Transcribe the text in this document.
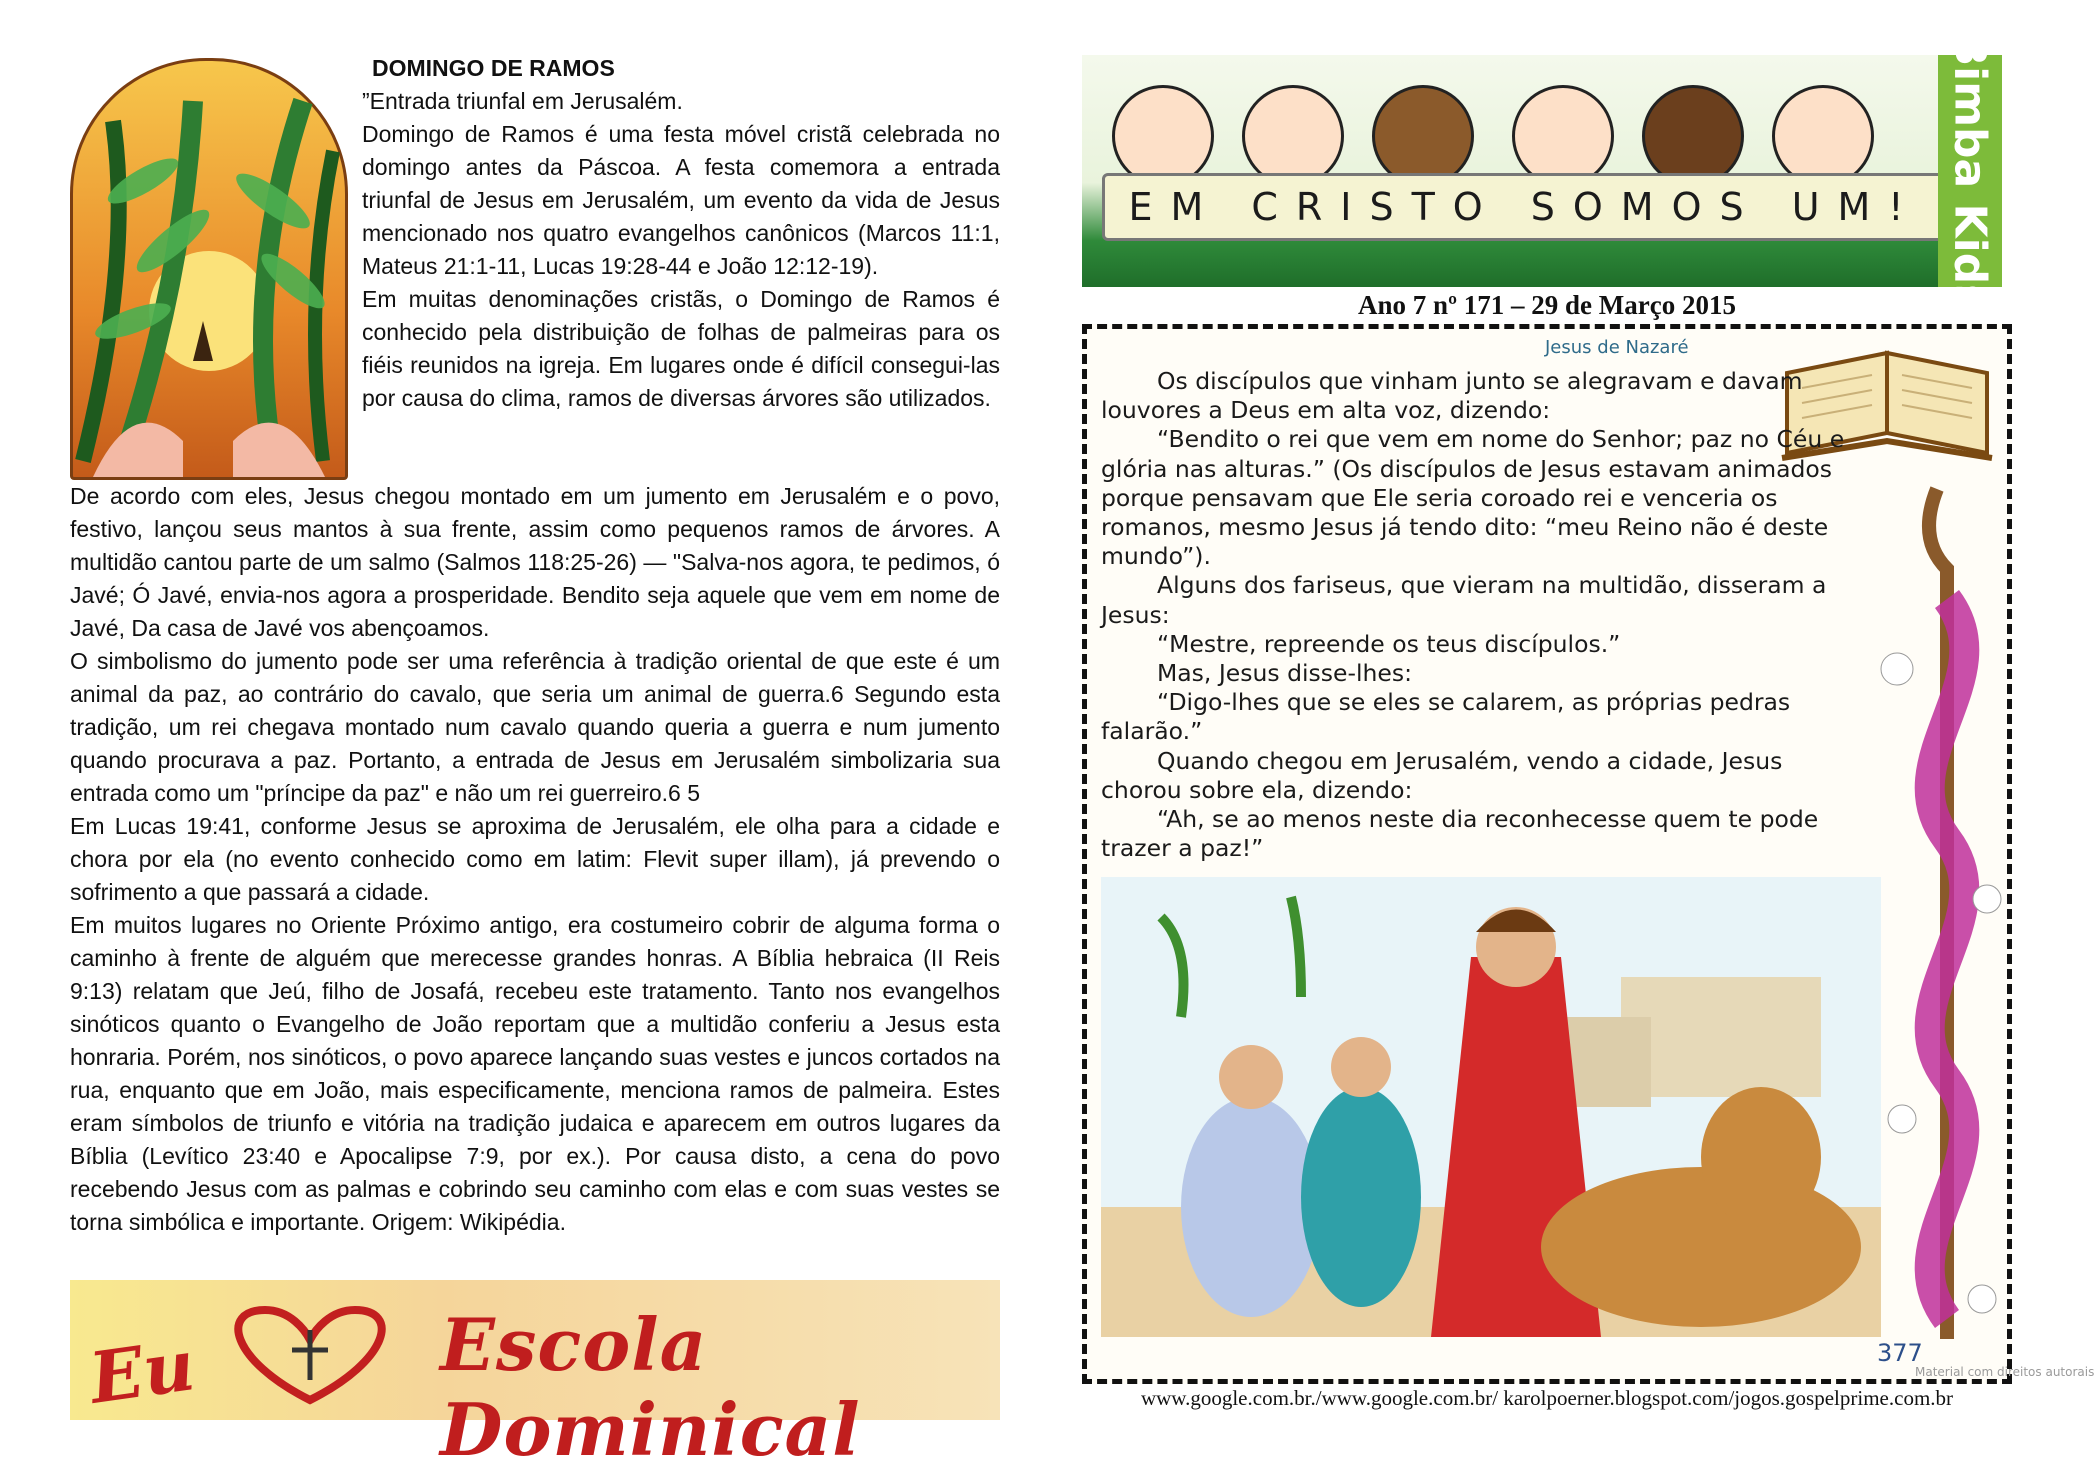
DOMINGO DE RAMOS

”Entrada triunfal em Jerusalém.

Domingo de Ramos é uma festa móvel cristã celebrada no domingo antes da Páscoa. A festa comemora a entrada triunfal de Jesus em Jerusalém, um evento da vida de Jesus mencionado nos quatro evangelhos canônicos (Marcos 11:1, Mateus 21:1-11, Lucas 19:28-44 e João 12:12-19).

Em muitas denominações cristãs, o Domingo de Ramos é conhecido pela distribuição de folhas de palmeiras para os fiéis reunidos na igreja. Em lugares onde é difícil consegui-las por causa do clima, ramos de diversas árvores são utilizados.

De acordo com eles, Jesus chegou montado em um jumento em Jerusalém e o povo, festivo, lançou seus mantos à sua frente, assim como pequenos ramos de árvores. A multidão cantou parte de um salmo (Salmos 118:25-26) — "Salva-nos agora, te pedimos, ó Javé; Ó Javé, envia-nos agora a prosperidade. Bendito seja aquele que vem em nome de Javé, Da casa de Javé vos abençoamos.

O simbolismo do jumento pode ser uma referência à tradição oriental de que este é um animal da paz, ao contrário do cavalo, que seria um animal de guerra.6 Segundo esta tradição, um rei chegava montado num cavalo quando queria a guerra e num jumento quando procurava a paz. Portanto, a entrada de Jesus em Jerusalém simbolizaria sua entrada como um "príncipe da paz" e não um rei guerreiro.6 5

Em Lucas 19:41, conforme Jesus se aproxima de Jerusalém, ele olha para a cidade e chora por ela (no evento conhecido como em latim: Flevit super illam), já prevendo o sofrimento a que passará a cidade.

Em muitos lugares no Oriente Próximo antigo, era costumeiro cobrir de alguma forma o caminho à frente de alguém que merecesse grandes honras. A Bíblia hebraica (II Reis 9:13) relatam que Jeú, filho de Josafá, recebeu este tratamento. Tanto nos evangelhos sinóticos quanto o Evangelho de João reportam que a multidão conferiu a Jesus esta honraria. Porém, nos sinóticos, o povo aparece lançando suas vestes e juncos cortados na rua, enquanto que em João, mais especificamente, menciona ramos de palmeira. Estes eram símbolos de triunfo e vitória na tradição judaica e aparecem em outros lugares da Bíblia (Levítico 23:40 e Apocalipse 7:9, por ex.). Por causa disto, a cena do povo recebendo Jesus com as palmas e cobrindo seu caminho com elas e com suas vestes se torna simbólica e importante. Origem: Wikipédia.

Eu	Escola Dominical
EM CRISTO SOMOS UM! Bimba Kids
Ano 7 nº 171 – 29 de Março 2015
Jesus de Nazaré

Os discípulos que vinham junto se alegravam e davam louvores a Deus em alta voz, dizendo:

“Bendito o rei que vem em nome do Senhor; paz no Céu e glória nas alturas.” (Os discípulos de Jesus estavam animados porque pensavam que Ele seria coroado rei e venceria os romanos, mesmo Jesus já tendo dito: “meu Reino não é deste mundo”).

Alguns dos fariseus, que vieram na multidão, disseram a Jesus:

“Mestre, repreende os teus discípulos.”

Mas, Jesus disse-lhes:

“Digo-lhes que se eles se calarem, as próprias pedras falarão.”

Quando chegou em Jerusalém, vendo a cidade, Jesus chorou sobre ela, dizendo:

“Ah, se ao menos neste dia reconhecesse quem te pode trazer a paz!”

377
Material com direitos autorais
www.google.com.br./www.google.com.br/ karolpoerner.blogspot.com/jogos.gospelprime.com.br
